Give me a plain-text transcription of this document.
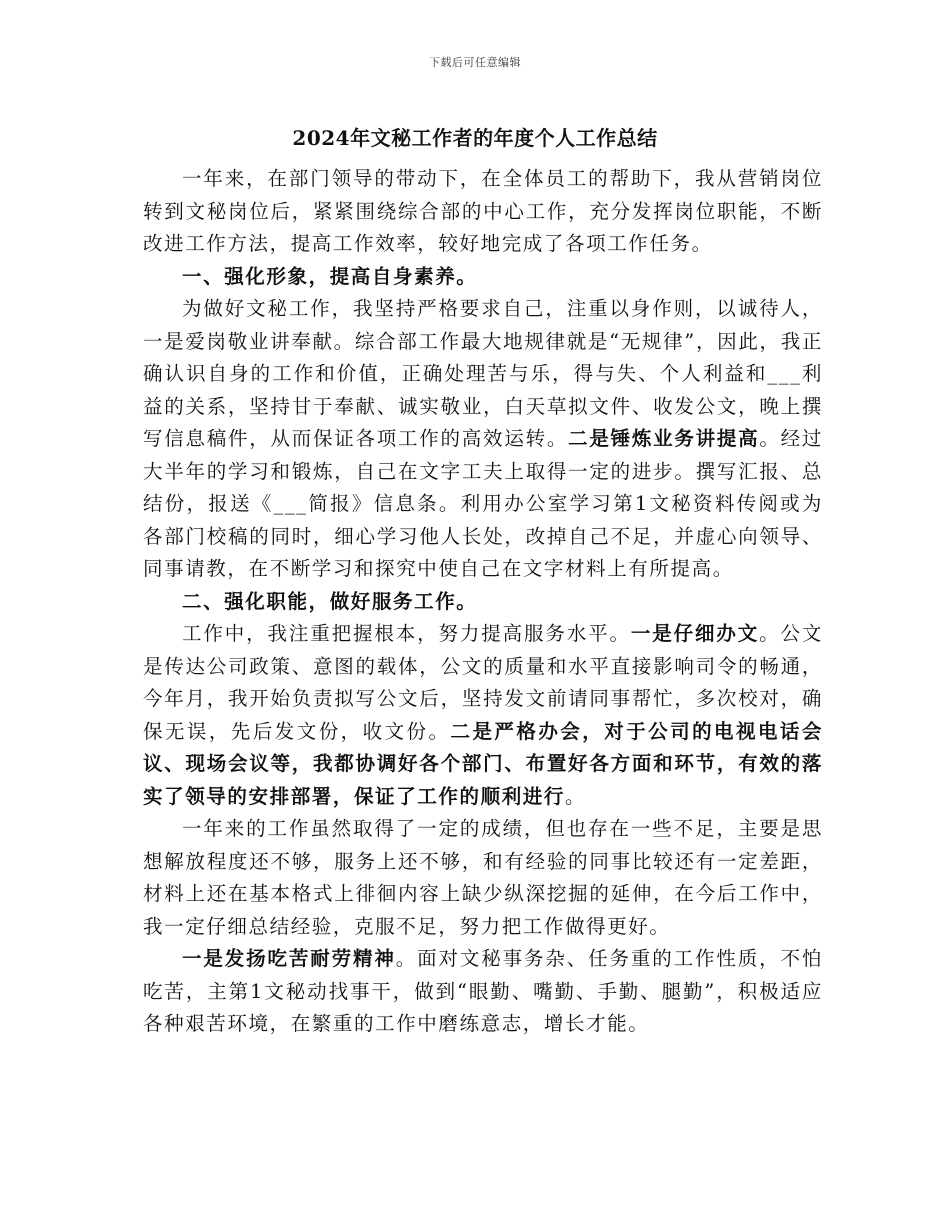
下载后可任意编辑
2024年文秘工作者的年度个人工作总结

一年来，在部门领导的带动下，在全体员工的帮助下，我从营销岗位转到文秘岗位后，紧紧围绕综合部的中心工作，充分发挥岗位职能，不断改进工作方法，提高工作效率，较好地完成了各项工作任务。

一、强化形象，提高自身素养。

为做好文秘工作，我坚持严格要求自己，注重以身作则，以诚待人，一是爱岗敬业讲奉献。综合部工作最大地规律就是“无规律”，因此，我正确认识自身的工作和价值，正确处理苦与乐，得与失、个人利益和___利益的关系，坚持甘于奉献、诚实敬业，白天草拟文件、收发公文，晚上撰写信息稿件，从而保证各项工作的高效运转。二是锤炼业务讲提高。经过大半年的学习和锻炼，自己在文字工夫上取得一定的进步。撰写汇报、总结份，报送《___简报》信息条。利用办公室学习第1文秘资料传阅或为各部门校稿的同时，细心学习他人长处，改掉自己不足，并虚心向领导、同事请教，在不断学习和探究中使自己在文字材料上有所提高。

二、强化职能，做好服务工作。

工作中，我注重把握根本，努力提高服务水平。一是仔细办文。公文是传达公司政策、意图的载体，公文的质量和水平直接影响司令的畅通，今年月，我开始负责拟写公文后，坚持发文前请同事帮忙，多次校对，确保无误，先后发文份，收文份。二是严格办会，对于公司的电视电话会议、现场会议等，我都协调好各个部门、布置好各方面和环节，有效的落实了领导的安排部署，保证了工作的顺利进行。

一年来的工作虽然取得了一定的成绩，但也存在一些不足，主要是思想解放程度还不够，服务上还不够，和有经验的同事比较还有一定差距，材料上还在基本格式上徘徊内容上缺少纵深挖掘的延伸，在今后工作中，我一定仔细总结经验，克服不足，努力把工作做得更好。

一是发扬吃苦耐劳精神。面对文秘事务杂、任务重的工作性质，不怕吃苦，主第1文秘动找事干，做到“眼勤、嘴勤、手勤、腿勤”，积极适应各种艰苦环境，在繁重的工作中磨练意志，增长才能。
